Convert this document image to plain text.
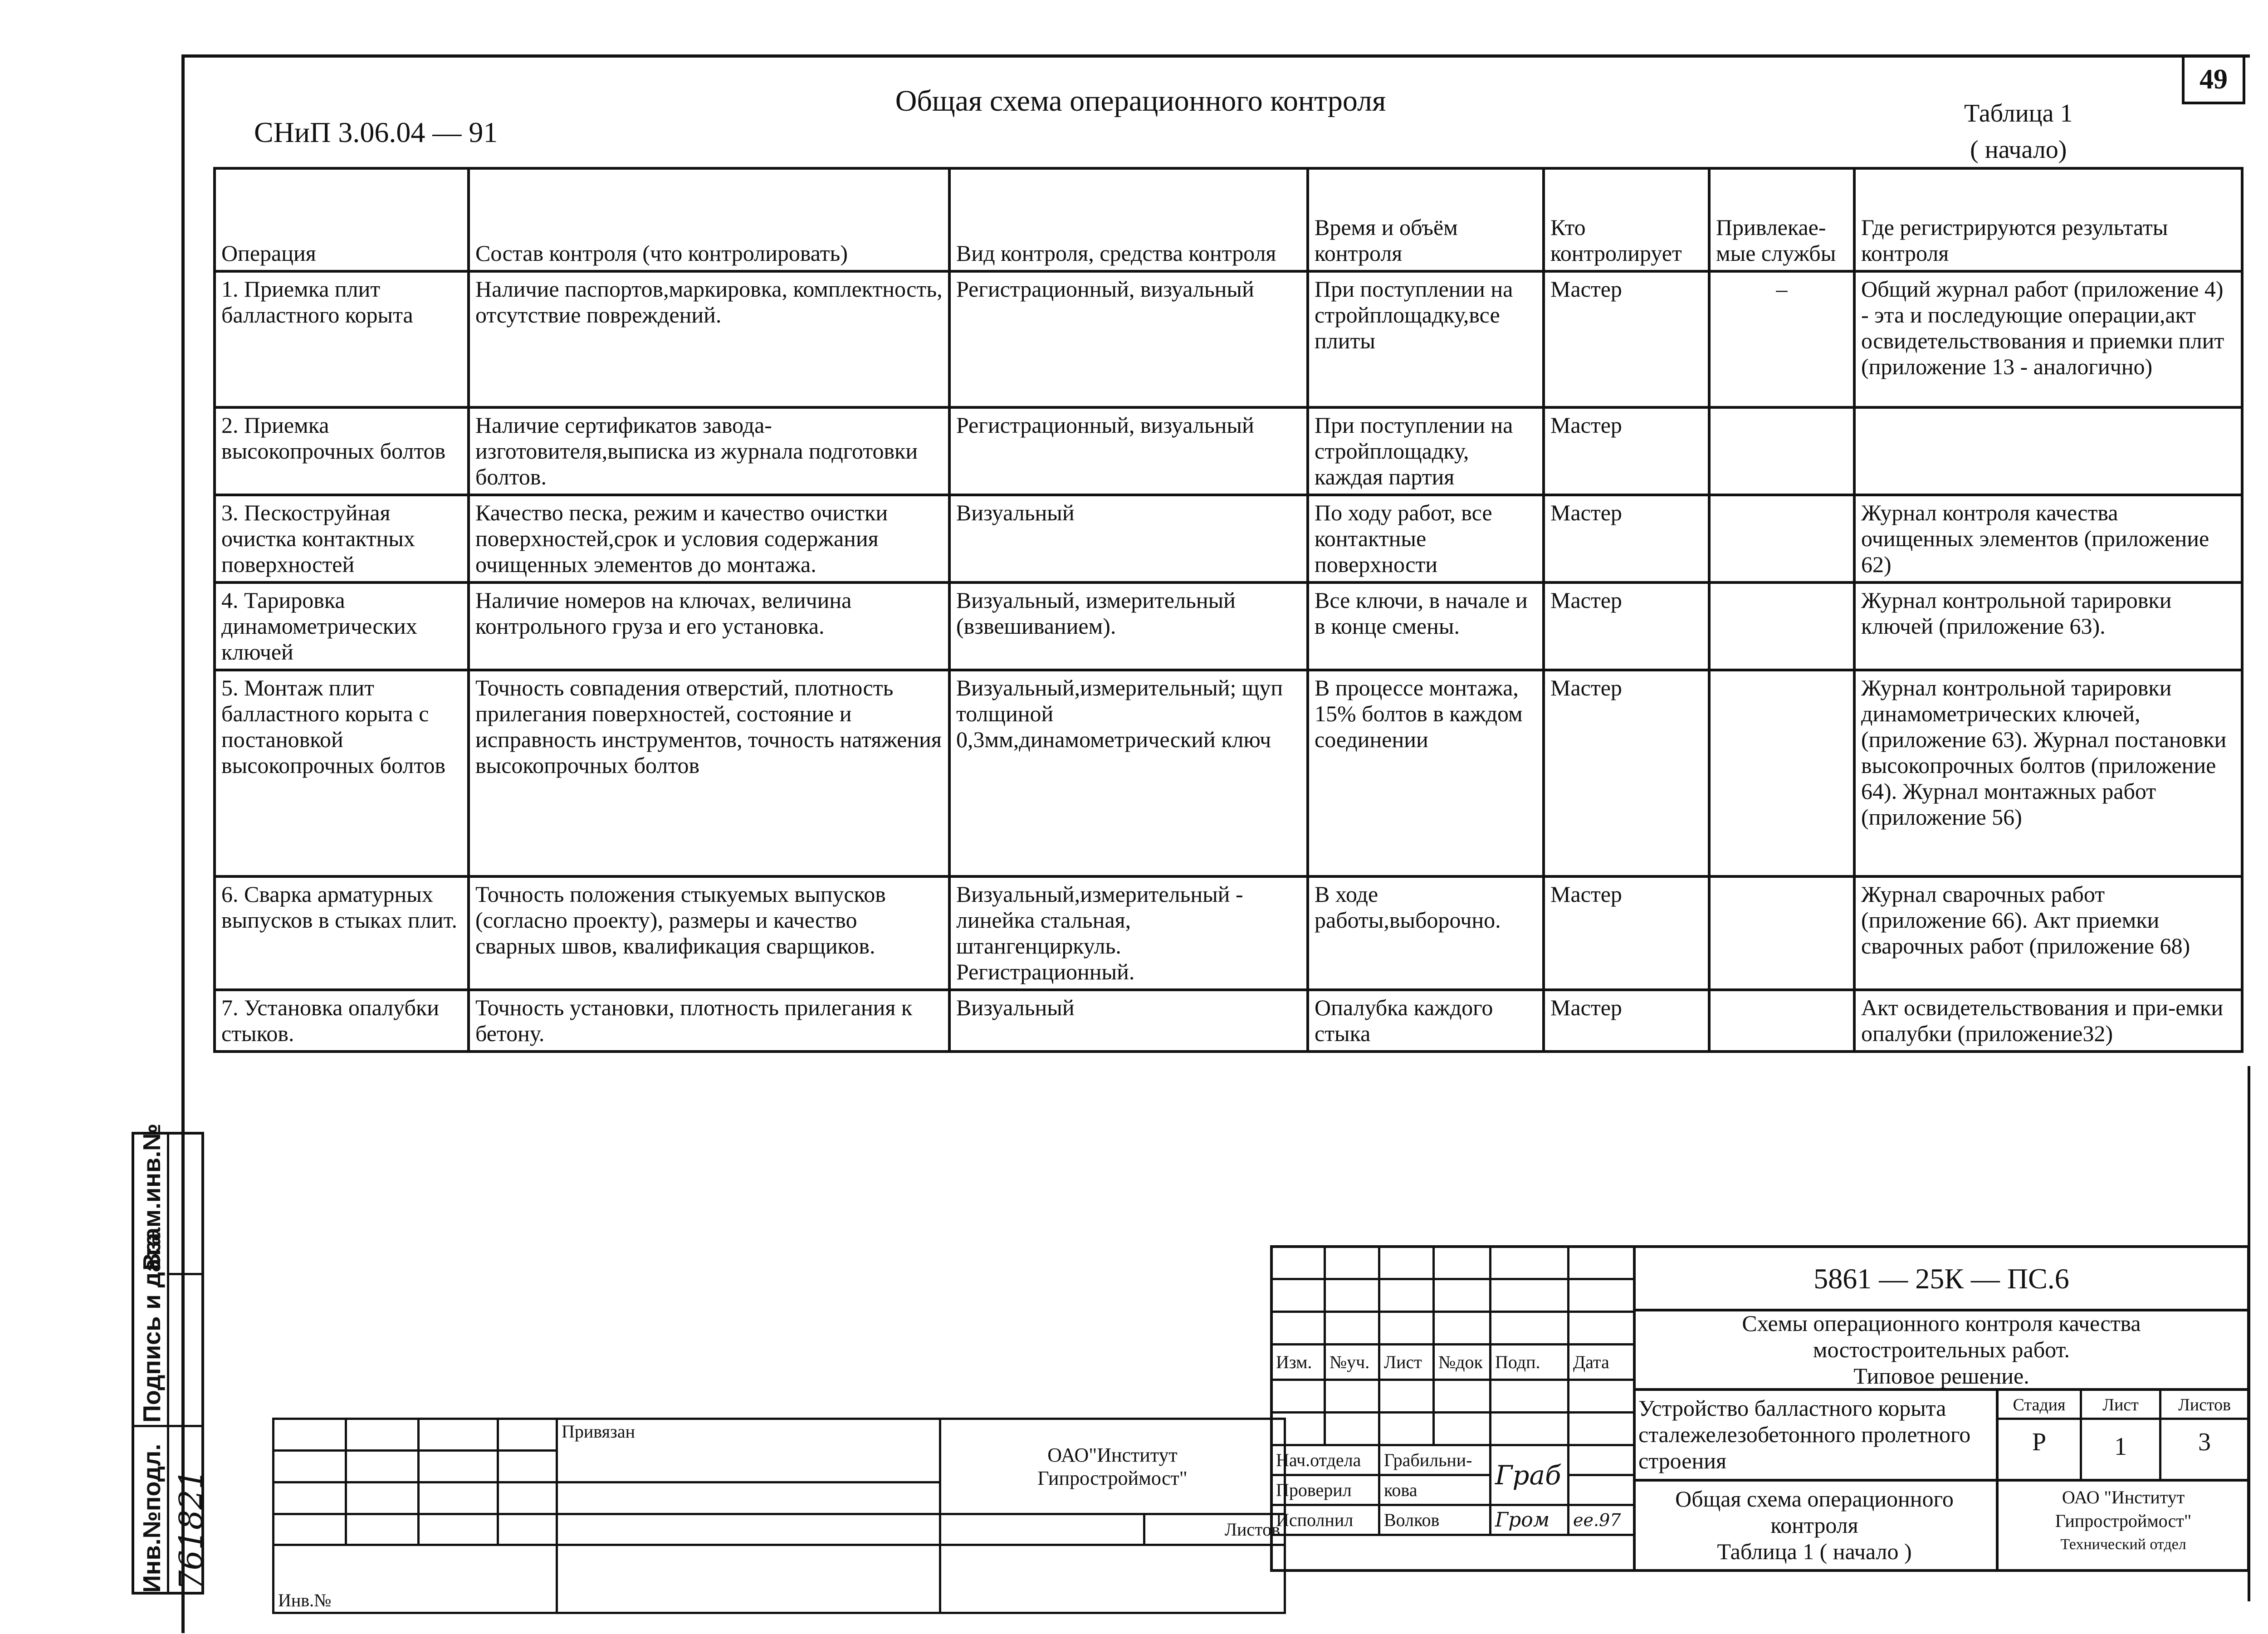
49
Общая схема операционного контроля
СНиП 3.06.04 — 91
Таблица 1
( начало)
Операция	Состав контроля (что контролировать)	Вид контроля, средства контроля	Время и объём контроля	Кто контролирует	Привлекае-мые службы	Где регистрируются результаты контроля
1. Приемка плит балластного корыта	Наличие паспортов,маркировка, комплектность, отсутствие повреждений.	Регистрационный, визуальный	При поступлении на стройплощадку,все плиты	Мастер	–	Общий журнал работ (приложение 4) - эта и последующие операции,акт освидетельствования и приемки плит (приложение 13 - аналогично)
2. Приемка высокопрочных болтов	Наличие сертификатов завода-изготовителя,выписка из журнала подготовки болтов.	Регистрационный, визуальный	При поступлении на стройплощадку, каждая партия	Мастер		
3. Пескоструйная очистка контактных поверхностей	Качество песка, режим и качество очистки поверхностей,срок и условия содержания очищенных элементов до монтажа.	Визуальный	По ходу работ, все контактные поверхности	Мастер		Журнал контроля качества очищенных элементов (приложение 62)
4. Тарировка динамометрических ключей	Наличие номеров на ключах, величина контрольного груза и его установка.	Визуальный, измерительный (взвешиванием).	Все ключи, в начале и в конце смены.	Мастер		Журнал контрольной тарировки ключей (приложение 63).
5. Монтаж плит балластного корыта с постановкой высокопрочных болтов	Точность совпадения отверстий, плотность прилегания поверхностей, состояние и исправность инструментов, точность натяжения высокопрочных болтов	Визуальный,измерительный; щуп толщиной 0,3мм,динамометрический ключ	В процессе монтажа, 15% болтов в каждом соединении	Мастер		Журнал контрольной тарировки динамометрических ключей, (приложение 63). Журнал постановки высокопрочных болтов (приложение 64). Журнал монтажных работ (приложение 56)
6. Сварка арматурных выпусков в стыках плит.	Точность положения стыкуемых выпусков (согласно проекту), размеры и качество сварных швов, квалификация сварщиков.	Визуальный,измерительный - линейка стальная, штангенциркуль. Регистрационный.	В ходе работы,выборочно.	Мастер		Журнал сварочных работ (приложение 66). Акт приемки сварочных работ (приложение 68)
7. Установка опалубки стыков.	Точность установки, плотность прилегания к бетону.	Визуальный	Опалубка каждого стыка	Мастер		Акт освидетельствования и при-емки опалубки (приложение32)
Инв.№подл.
Подпись и дата
Взам.инв.№
761821
				Привязан	ОАО"Институт
Гипростроймост"	

						Листов
Инв.№						

Изм.	№уч.	Лист	№док	Подп.	Дата

Нач.отдела		Грабильни-		Граб	
Проверил		кова			
Исполнил		Волков		Гром	ее.97
5861 — 25К — ПС.6
Схемы операционного контроля качества
мостостроительных работ.
Типовое решение.
Устройство балластного корыта сталежелезобетонного пролетного строения
Стадия	Лист	Листов
Р	1	3
Общая схема операционного
контроля
Таблица 1 ( начало )
ОАО "Институт
Гипростроймост"
Технический отдел
